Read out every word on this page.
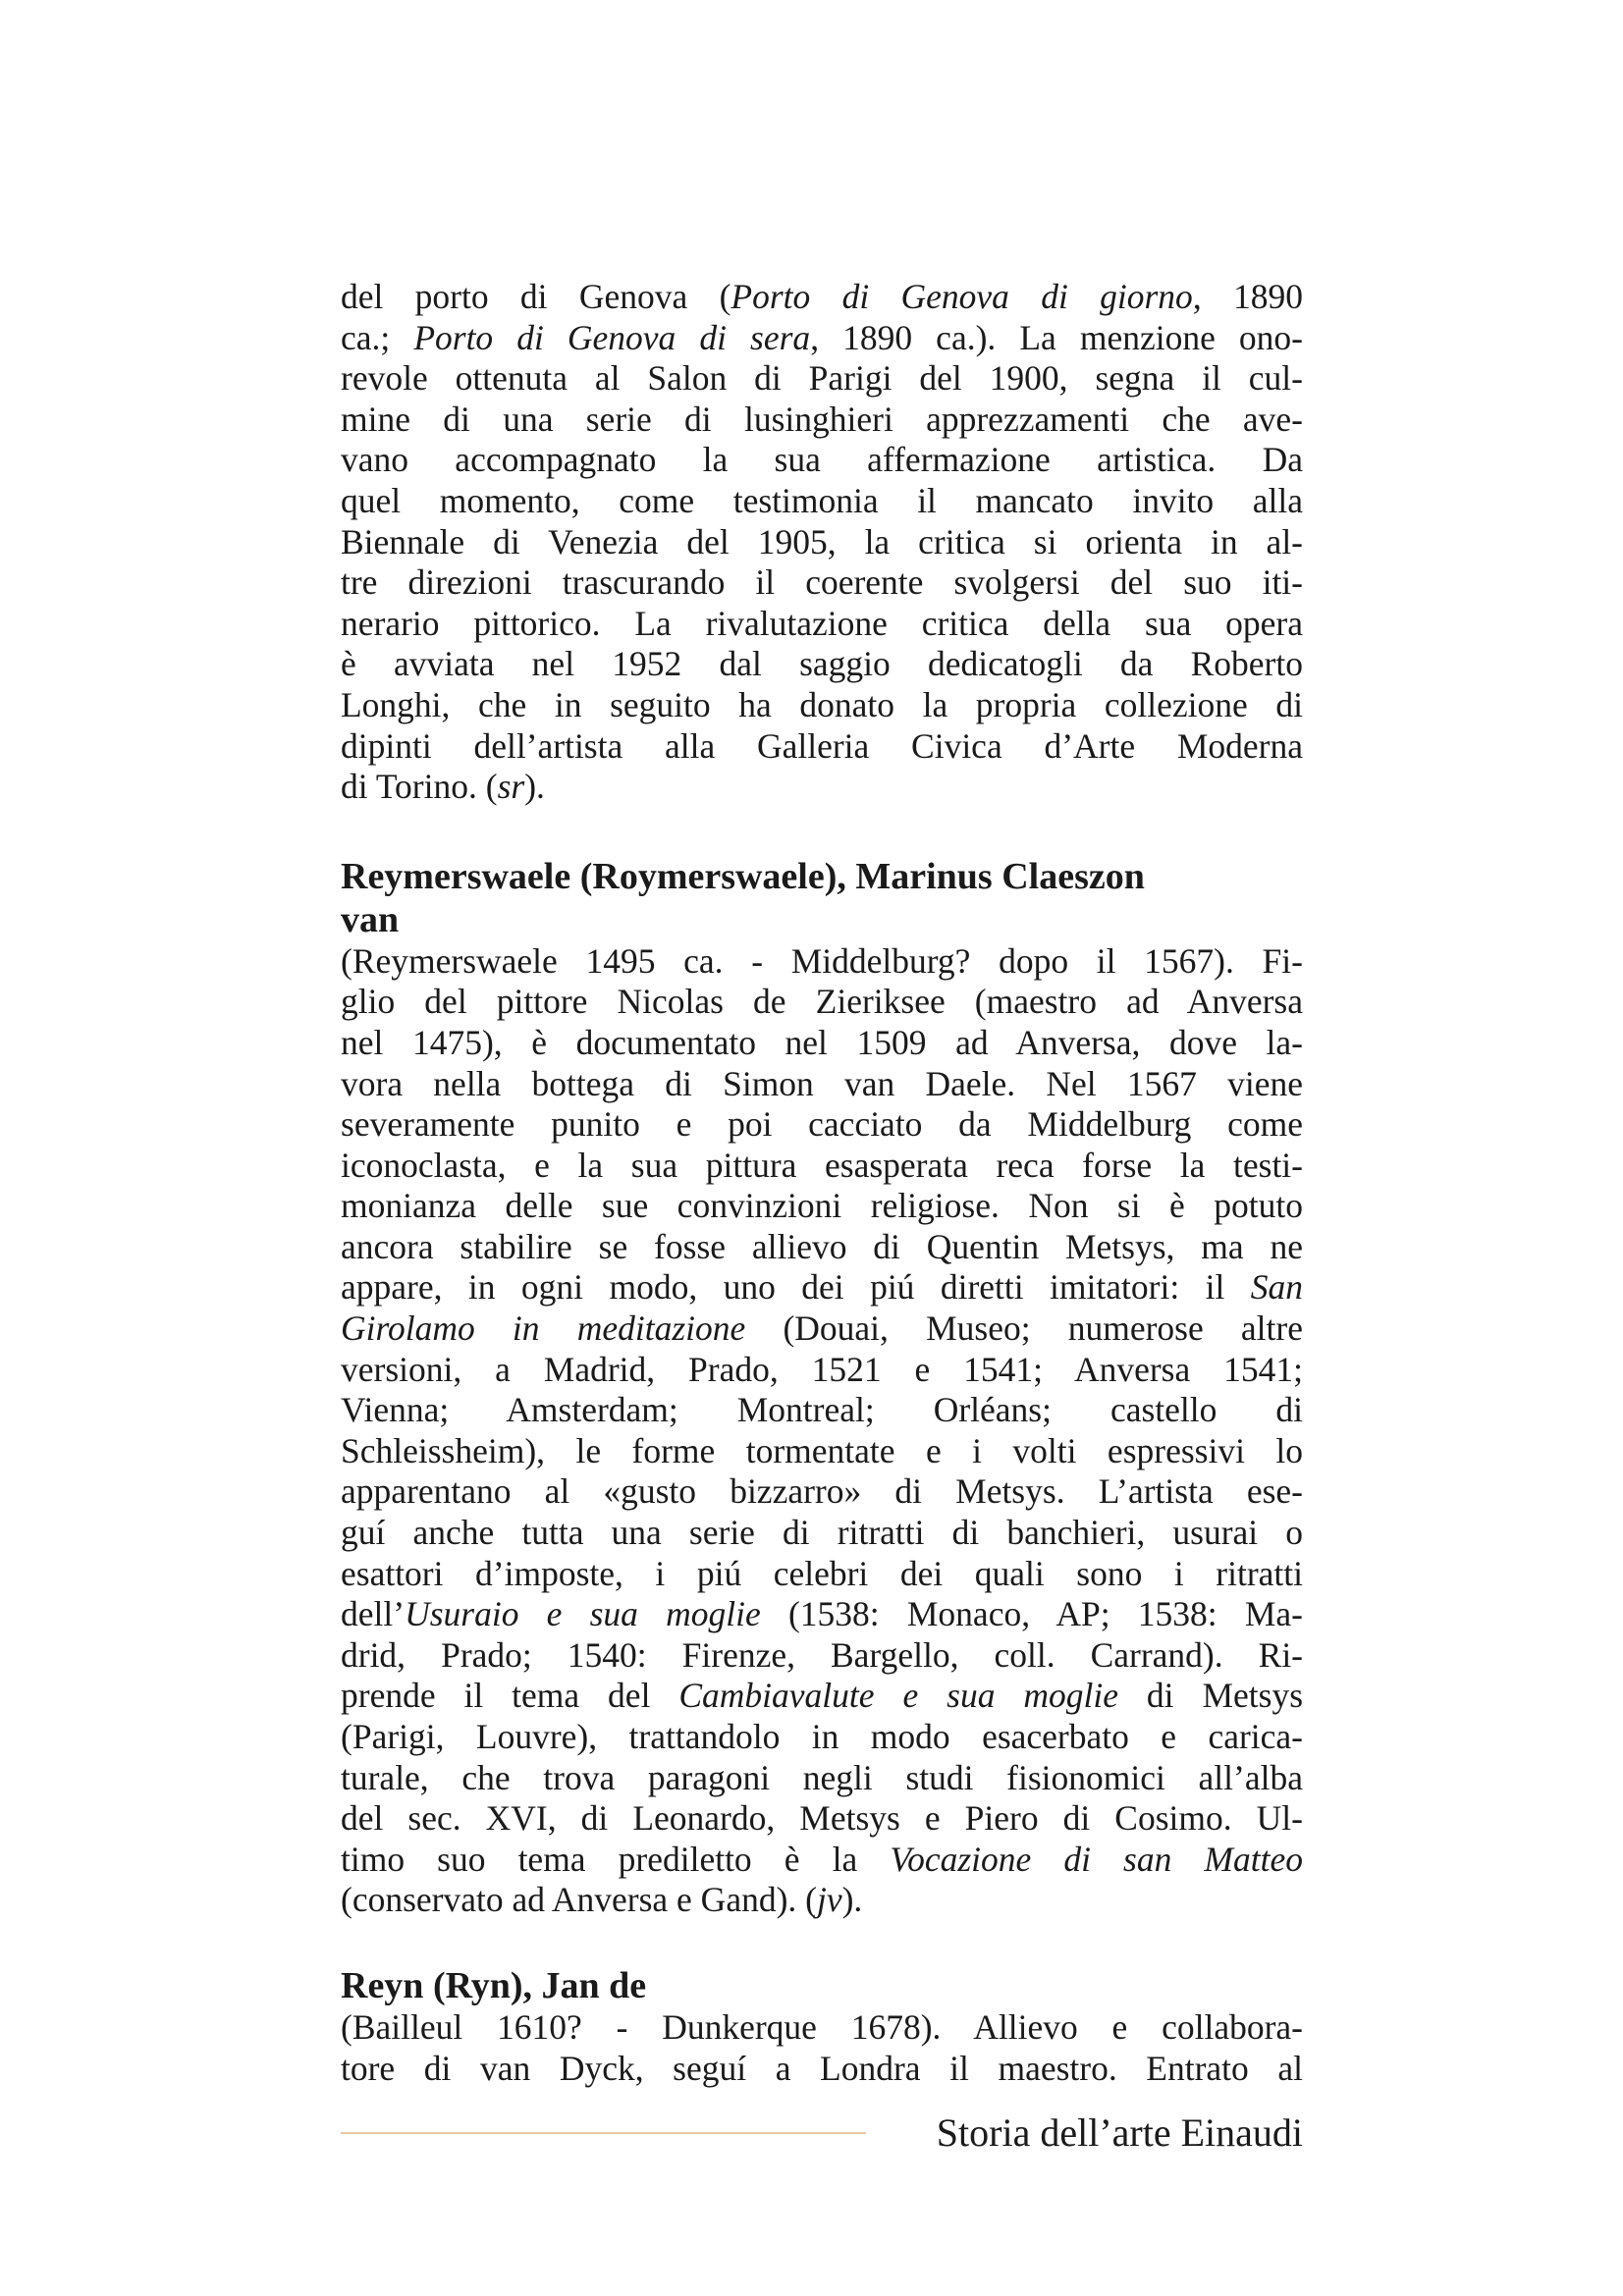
del porto di Genova (Porto di Genova di giorno, 1890
ca.; Porto di Genova di sera, 1890 ca.). La menzione ono-
revole ottenuta al Salon di Parigi del 1900, segna il cul-
mine di una serie di lusinghieri apprezzamenti che ave-
vano accompagnato la sua affermazione artistica. Da
quel momento, come testimonia il mancato invito alla
Biennale di Venezia del 1905, la critica si orienta in al-
tre direzioni trascurando il coerente svolgersi del suo iti-
nerario pittorico. La rivalutazione critica della sua opera
è avviata nel 1952 dal saggio dedicatogli da Roberto
Longhi, che in seguito ha donato la propria collezione di
dipinti dell’artista alla Galleria Civica d’Arte Moderna
di Torino. (sr).
Reymerswaele (Roymerswaele), Marinus Claeszon
van
(Reymerswaele 1495 ca. - Middelburg? dopo il 1567). Fi-
glio del pittore Nicolas de Zieriksee (maestro ad Anversa
nel 1475), è documentato nel 1509 ad Anversa, dove la-
vora nella bottega di Simon van Daele. Nel 1567 viene
severamente punito e poi cacciato da Middelburg come
iconoclasta, e la sua pittura esasperata reca forse la testi-
monianza delle sue convinzioni religiose. Non si è potuto
ancora stabilire se fosse allievo di Quentin Metsys, ma ne
appare, in ogni modo, uno dei piú diretti imitatori: il San
Girolamo in meditazione (Douai, Museo; numerose altre
versioni, a Madrid, Prado, 1521 e 1541; Anversa 1541;
Vienna; Amsterdam; Montreal; Orléans; castello di
Schleissheim), le forme tormentate e i volti espressivi lo
apparentano al «gusto bizzarro» di Metsys. L’artista ese-
guí anche tutta una serie di ritratti di banchieri, usurai o
esattori d’imposte, i piú celebri dei quali sono i ritratti
dell’Usuraio e sua moglie (1538: Monaco, AP; 1538: Ma-
drid, Prado; 1540: Firenze, Bargello, coll. Carrand). Ri-
prende il tema del Cambiavalute e sua moglie di Metsys
(Parigi, Louvre), trattandolo in modo esacerbato e carica-
turale, che trova paragoni negli studi fisionomici all’alba
del sec. XVI, di Leonardo, Metsys e Piero di Cosimo. Ul-
timo suo tema prediletto è la Vocazione di san Matteo
(conservato ad Anversa e Gand). (jv).
Reyn (Ryn), Jan de
(Bailleul 1610? - Dunkerque 1678). Allievo e collabora-
tore di van Dyck, seguí a Londra il maestro. Entrato al
Storia dell’arte Einaudi
